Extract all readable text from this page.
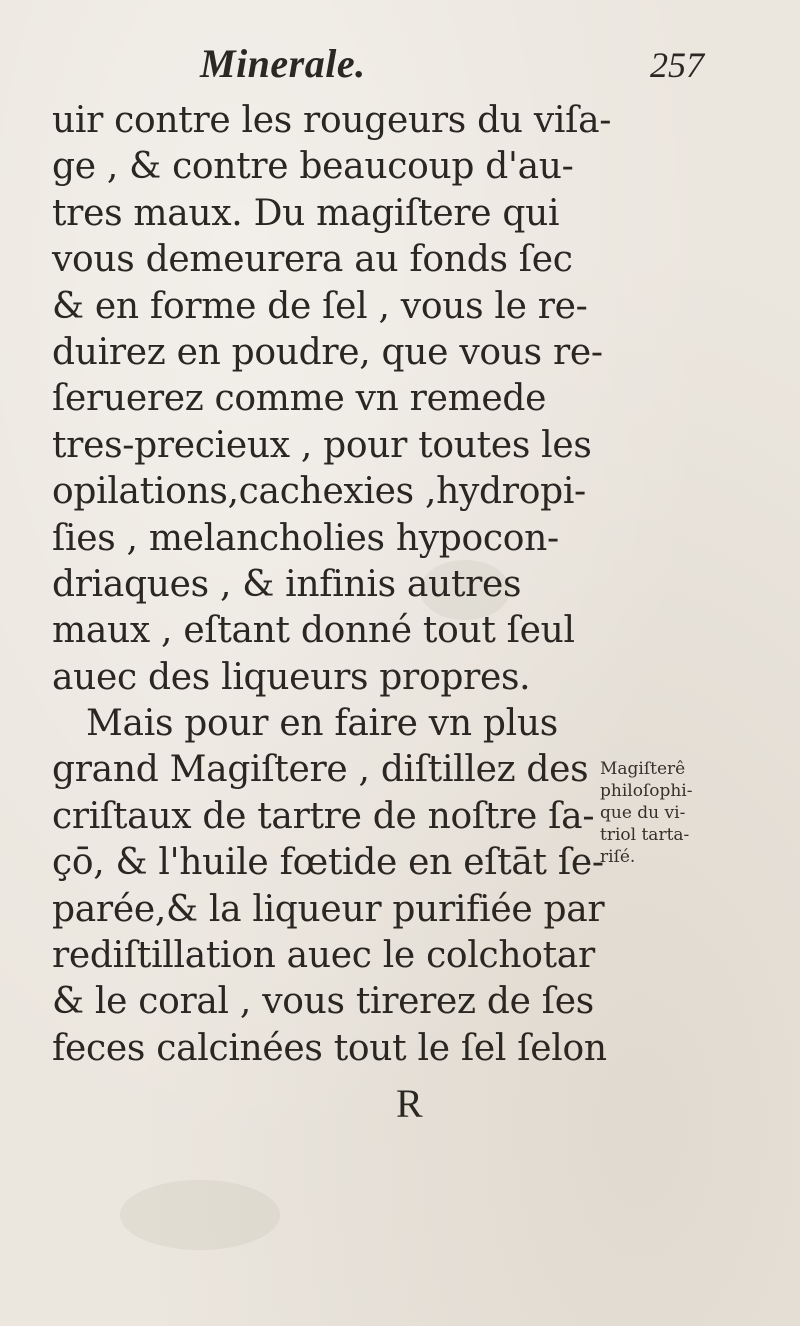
Minerale.	257
uir contre les rougeurs du viſa-
ge , & contre beaucoup d'au-
tres maux. Du magiſtere qui
vous demeurera au fonds ſec
& en forme de ſel , vous le re-
duirez en poudre, que vous re-
ſeruerez comme vn remede
tres-precieux , pour toutes les
opilations,cachexies ,hydropi-
ſies , melancholies hypocon-
driaques , & infinis autres
maux , eſtant donné tout ſeul
auec des liqueurs propres.
Mais pour en faire vn plus
grand Magiſtere , diſtillez des
criſtaux de tartre de noſtre ſa-
çō, & l'huile fœtide en eſtāt ſe-
parée,& la liqueur purifiée par
rediſtillation auec le colchotar
& le coral , vous tirerez de ſes
feces calcinées tout le ſel ſelon
Magiſterê
philoſophi-
que du vi-
triol tarta-
riſé.
R
